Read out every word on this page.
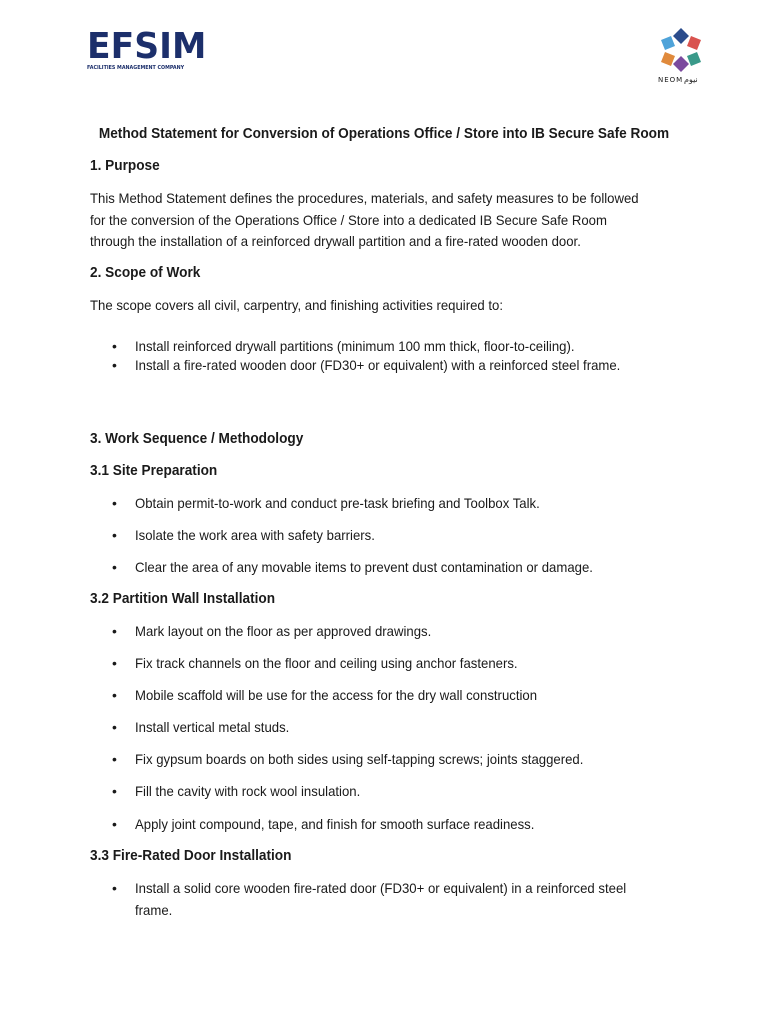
EFSIM
FACILITIES MANAGEMENT COMPANY
NEOM نيوم
Method Statement for Conversion of Operations Office / Store into IB Secure Safe Room
1. Purpose
This Method Statement defines the procedures, materials, and safety measures to be followed
for the conversion of the Operations Office / Store into a dedicated IB Secure Safe Room
through the installation of a reinforced drywall partition and a fire-rated wooden door.
2. Scope of Work
The scope covers all civil, carpentry, and finishing activities required to:
• Install reinforced drywall partitions (minimum 100 mm thick, floor-to-ceiling).
• Install a fire-rated wooden door (FD30+ or equivalent) with a reinforced steel frame.
3. Work Sequence / Methodology
3.1 Site Preparation
• Obtain permit-to-work and conduct pre-task briefing and Toolbox Talk.
• Isolate the work area with safety barriers.
• Clear the area of any movable items to prevent dust contamination or damage.
3.2 Partition Wall Installation
• Mark layout on the floor as per approved drawings.
• Fix track channels on the floor and ceiling using anchor fasteners.
• Mobile scaffold will be use for the access for the dry wall construction
• Install vertical metal studs.
• Fix gypsum boards on both sides using self-tapping screws; joints staggered.
• Fill the cavity with rock wool insulation.
• Apply joint compound, tape, and finish for smooth surface readiness.
3.3 Fire-Rated Door Installation
• Install a solid core wooden fire-rated door (FD30+ or equivalent) in a reinforced steel frame.
